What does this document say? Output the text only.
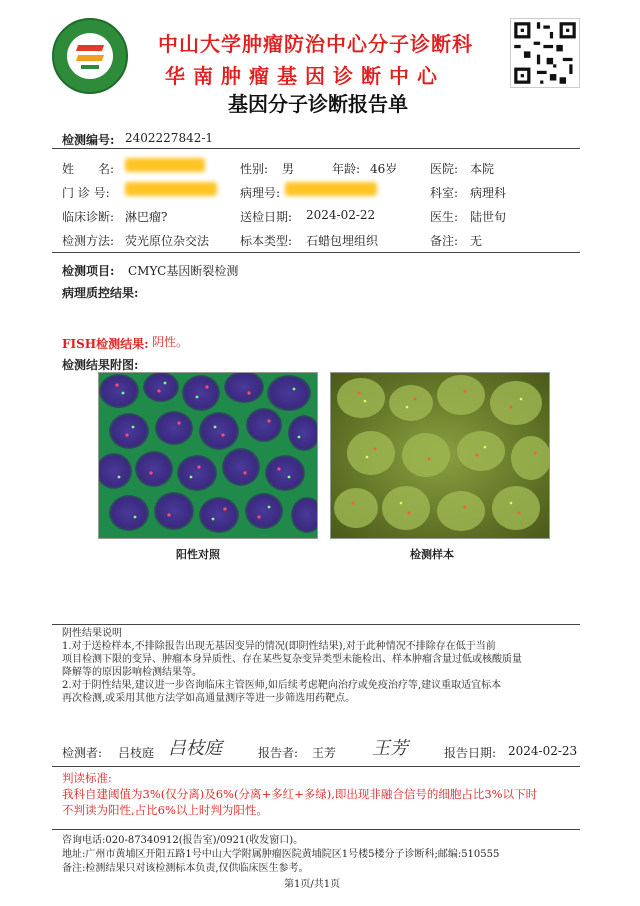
中山大学肿瘤防治中心分子诊断科
华南肿瘤基因诊断中心
基因分子诊断报告单
检测编号: 2402227842-1
姓　　名:	性别: 男	年龄: 46岁	医院: 本院
门 诊 号:	病理号:	科室: 病理科
临床诊断: 淋巴瘤?	送检日期: 2024-02-22	医生: 陆世旬
检测方法: 荧光原位杂交法	标本类型: 石蜡包埋组织	备注: 无
检测项目: CMYC基因断裂检测
病理质控结果:
FISH检测结果: 阴性。
检测结果附图:
阳性对照	检测样本
阴性结果说明
1.对于送检样本,不排除报告出现无基因变异的情况(即阴性结果),对于此种情况不排除存在低于当前
项目检测下限的变异、肿瘤本身异质性、存在某些复杂变异类型未能检出、样本肿瘤含量过低或核酸质量
降解等的原因影响检测结果等。
2.对于阴性结果,建议进一步咨询临床主管医师,如后续考虑靶向治疗或免疫治疗等,建议重取适宜标本
再次检测,或采用其他方法学如高通量测序等进一步筛选用药靶点。
检测者: 吕枝庭 吕枝庭	报告者: 王芳 王芳	报告日期: 2024-02-23
判读标准:
我科自建阈值为3%(仅分离)及6%(分离+多红+多绿),即出现非融合信号的细胞占比3%以下时
不判读为阳性,占比6%以上时判为阳性。
咨询电话:020-87340912(报告室)/0921(收发窗口)。
地址:广州市黄埔区开阳五路1号中山大学附属肿瘤医院黄埔院区1号楼5楼分子诊断科;邮编:510555
备注:检测结果只对该检测标本负责,仅供临床医生参考。
第1页/共1页
